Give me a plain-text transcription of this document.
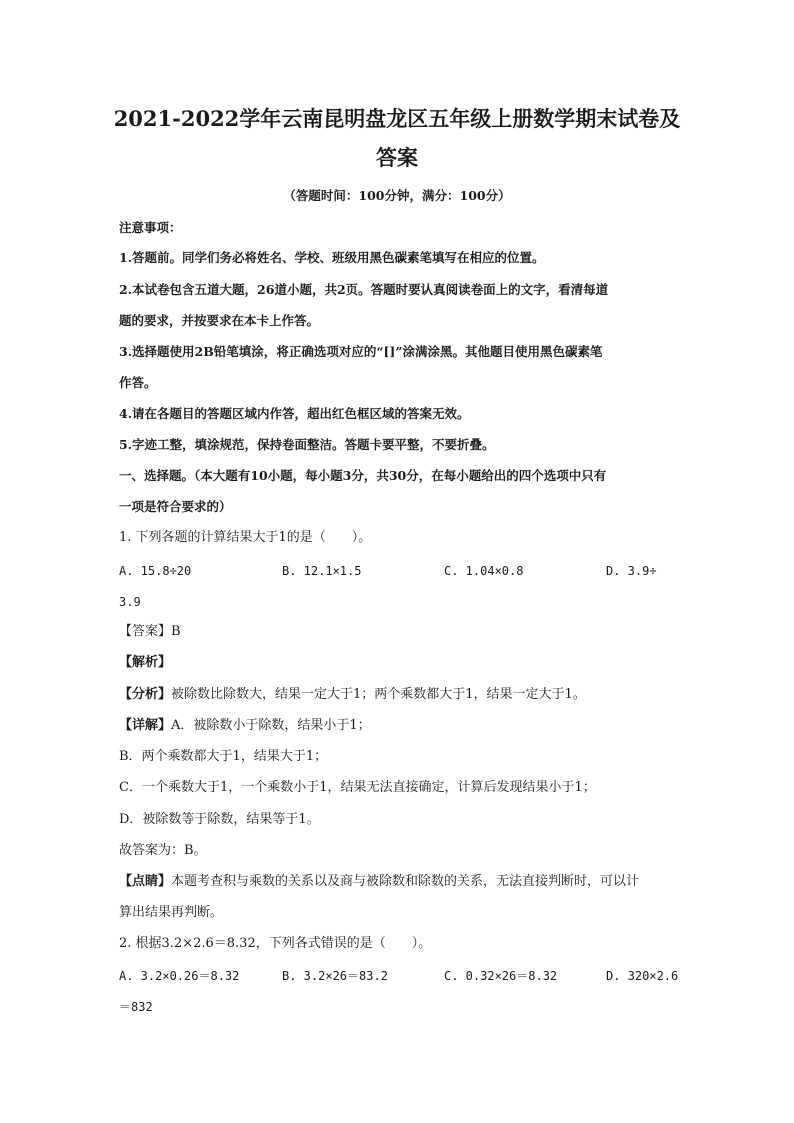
2021-2022学年云南昆明盘龙区五年级上册数学期末试卷及
答案
（答题时间：100分钟，满分：100分）
注意事项：
1.答题前。同学们务必将姓名、学校、班级用黑色碳素笔填写在相应的位置。
2.本试卷包含五道大题，26道小题，共2页。答题时要认真阅读卷面上的文字，看清每道
题的要求，并按要求在本卡上作答。
3.选择题使用2B铅笔填涂，将正确选项对应的“[]”涂满涂黑。其他题目使用黑色碳素笔
作答。
4.请在各题目的答题区域内作答，超出红色框区域的答案无效。
5.字迹工整，填涂规范，保持卷面整洁。答题卡要平整，不要折叠。
一、选择题。（本大题有10小题，每小题3分，共30分，在每小题给出的四个选项中只有
一项是符合要求的）
1. 下列各题的计算结果大于1的是（　　）。
A. 15.8÷20	B. 12.1×1.5	C. 1.04×0.8	D. 3.9÷
3.9
【答案】B
【解析】
【分析】被除数比除数大，结果一定大于1；两个乘数都大于1，结果一定大于1。
【详解】A．被除数小于除数，结果小于1；
B．两个乘数都大于1，结果大于1；
C．一个乘数大于1，一个乘数小于1，结果无法直接确定，计算后发现结果小于1；
D．被除数等于除数，结果等于1。
故答案为：B。
【点睛】本题考查积与乘数的关系以及商与被除数和除数的关系，无法直接判断时，可以计
算出结果再判断。
2. 根据3.2×2.6＝8.32，下列各式错误的是（　　）。
A. 3.2×0.26＝8.32	B. 3.2×26＝83.2	C. 0.32×26＝8.32	D. 320×2.6
＝832
